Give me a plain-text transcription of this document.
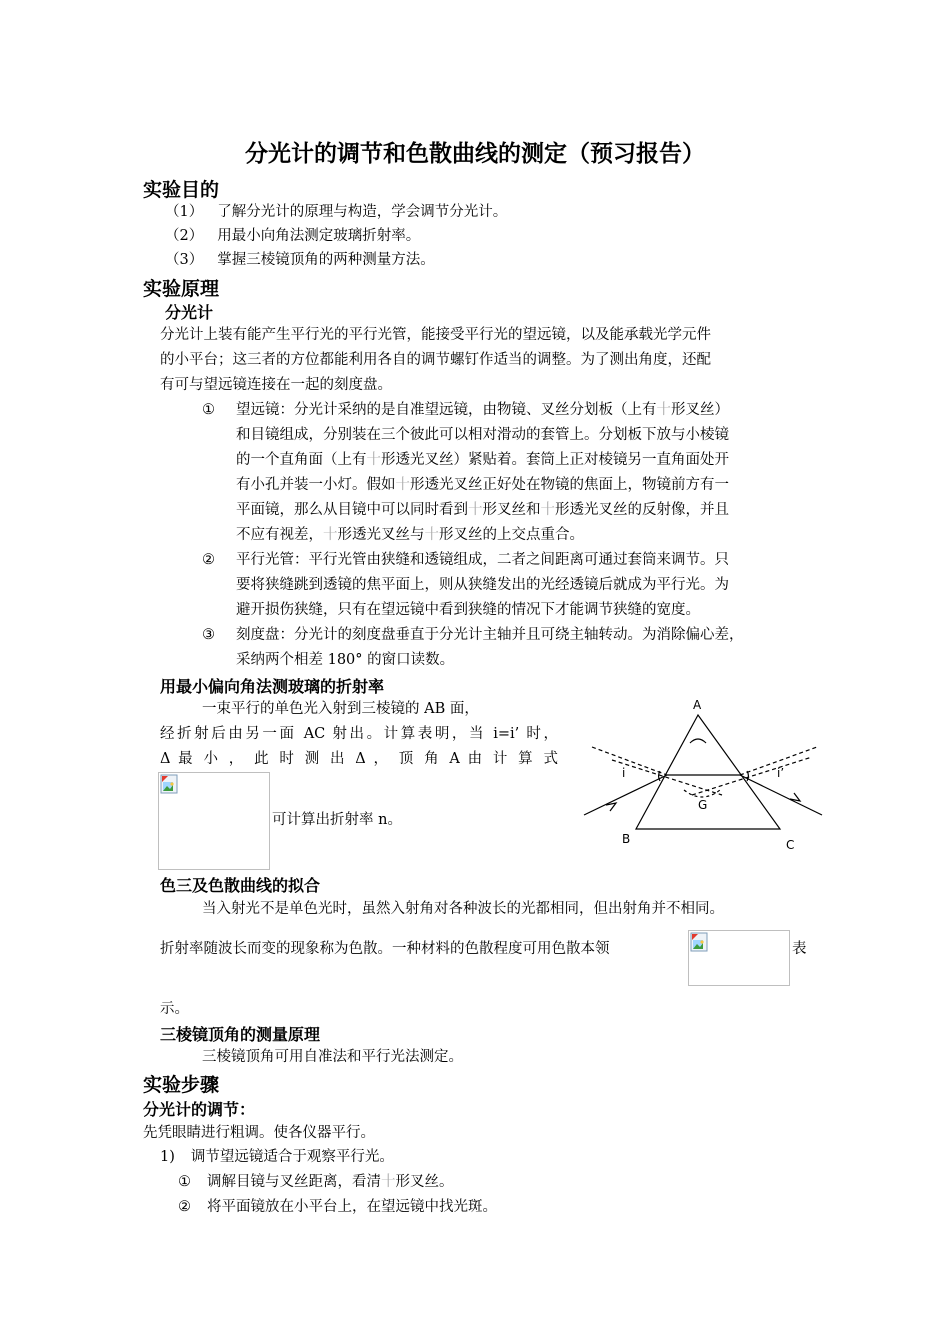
分光计的调节和色散曲线的测定（预习报告）
实验目的
（1） 了解分光计的原理与构造，学会调节分光计。
（2） 用最小向角法测定玻璃折射率。
（3） 掌握三棱镜顶角的两种测量方法。
实验原理
分光计
分光计上装有能产生平行光的平行光管，能接受平行光的望远镜，以及能承载光学元件
的小平台；这三者的方位都能利用各自的调节螺钉作适当的调整。为了测出角度，还配
有可与望远镜连接在一起的刻度盘。
① 望远镜：分光计采纳的是自准望远镜，由物镜、叉丝分划板（上有十形叉丝）
和目镜组成，分别装在三个彼此可以相对滑动的套管上。分划板下放与小棱镜
的一个直角面（上有十形透光叉丝）紧贴着。套筒上正对棱镜另一直角面处开
有小孔并装一小灯。假如十形透光叉丝正好处在物镜的焦面上，物镜前方有一
平面镜，那么从目镜中可以同时看到十形叉丝和十形透光叉丝的反射像，并且
不应有视差，十形透光叉丝与十形叉丝的上交点重合。
② 平行光管：平行光管由狭缝和透镜组成，二者之间距离可通过套筒来调节。只
要将狭缝跳到透镜的焦平面上，则从狭缝发出的光经透镜后就成为平行光。为
避开损伤狭缝，只有在望远镜中看到狭缝的情况下才能调节狭缝的宽度。
③ 刻度盘：分光计的刻度盘垂直于分光计主轴并且可绕主轴转动。为消除偏心差，
采纳两个相差 180° 的窗口读数。
用最小偏向角法测玻璃的折射率
一束平行的单色光入射到三棱镜的 AB 面，
经折射后由另一面 AC 射出。计算表明，当 i=i’ 时，
Δ 最 小 ， 此 时 测 出 Δ ， 顶 角 A 由 计 算 式
可计算出折射率 n。
A
B	C
i	i’
G
色三及色散曲线的拟合
当入射光不是单色光时，虽然入射角对各种波长的光都相同，但出射角并不相同。
折射率随波长而变的现象称为色散。一种材料的色散程度可用色散本领	表
示。
三棱镜顶角的测量原理
三棱镜顶角可用自准法和平行光法测定。
实验步骤
分光计的调节：
先凭眼睛进行粗调。使各仪器平行。
1) 调节望远镜适合于观察平行光。
① 调解目镜与叉丝距离，看清十形叉丝。
② 将平面镜放在小平台上，在望远镜中找光斑。
